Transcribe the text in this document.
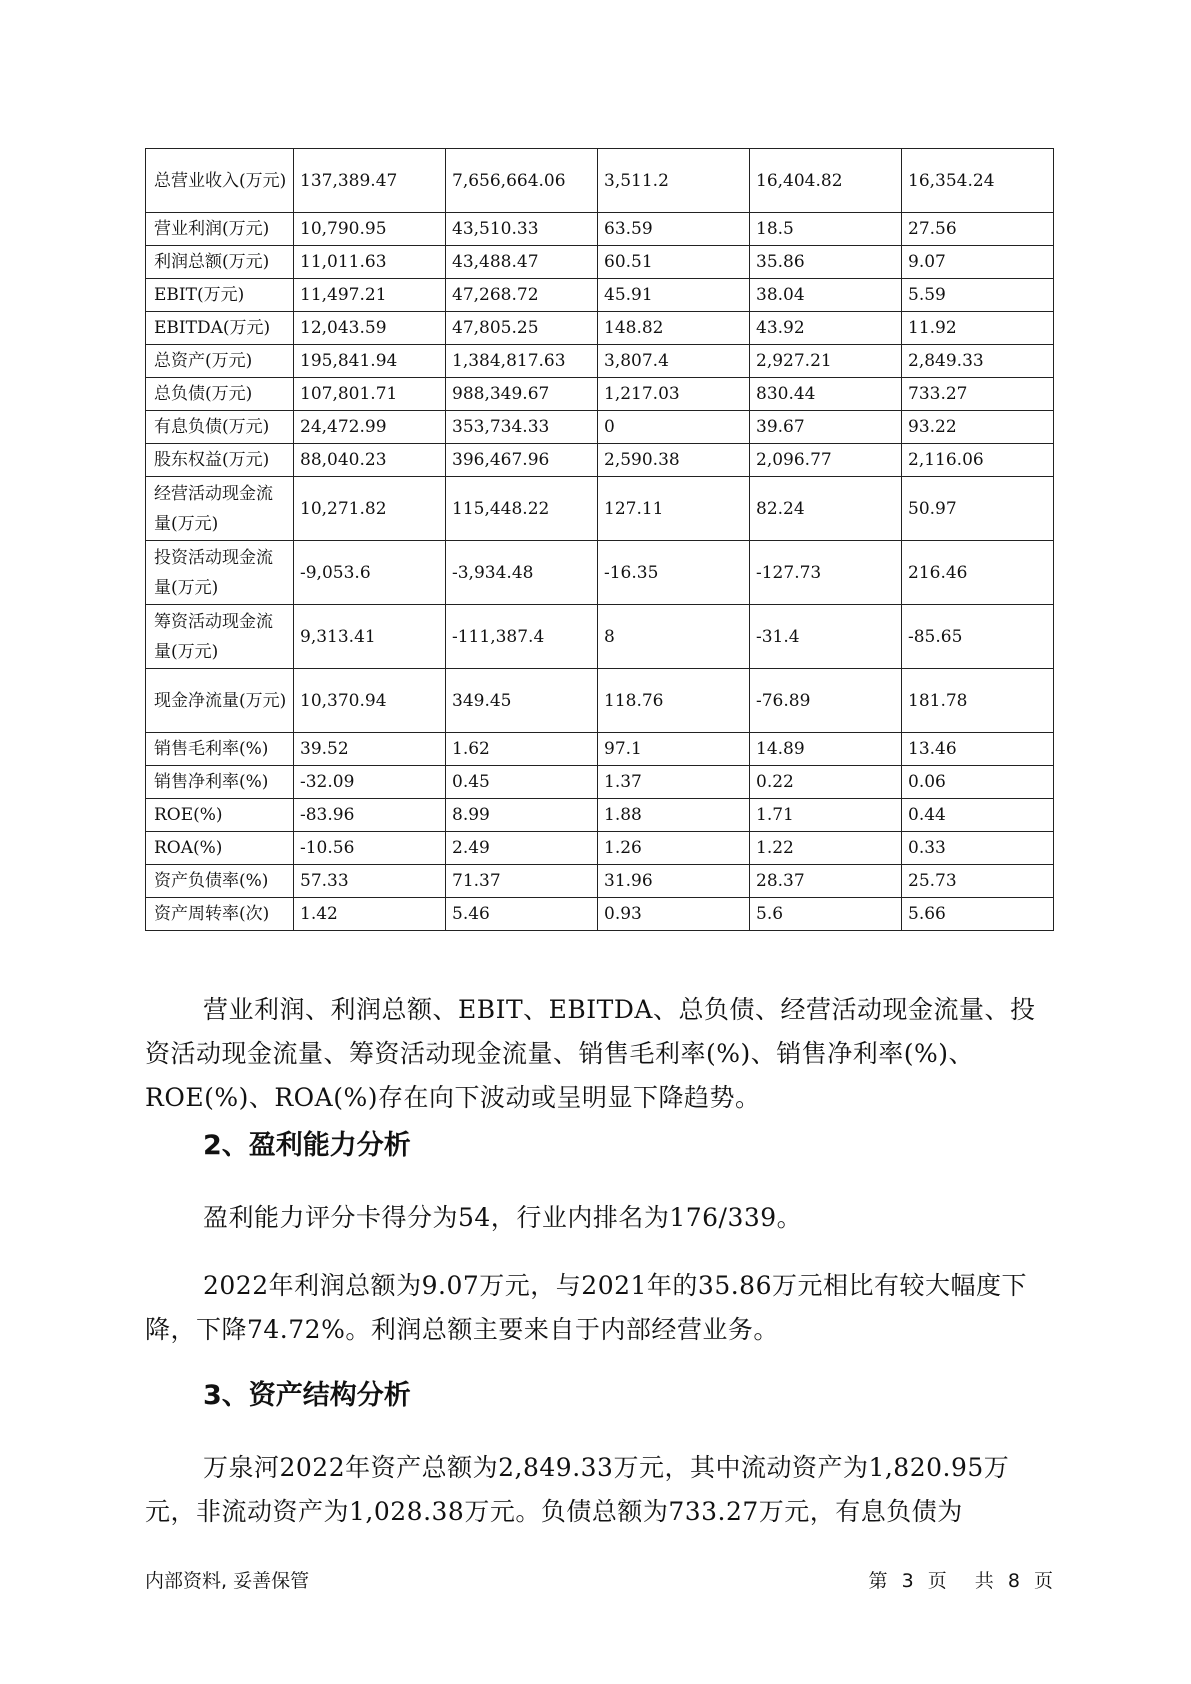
总营业收入(万元)	137,389.47	7,656,664.06	3,511.2	16,404.82	16,354.24
营业利润(万元)	10,790.95	43,510.33	63.59	18.5	27.56
利润总额(万元)	11,011.63	43,488.47	60.51	35.86	9.07
EBIT(万元)	11,497.21	47,268.72	45.91	38.04	5.59
EBITDA(万元)	12,043.59	47,805.25	148.82	43.92	11.92
总资产(万元)	195,841.94	1,384,817.63	3,807.4	2,927.21	2,849.33
总负债(万元)	107,801.71	988,349.67	1,217.03	830.44	733.27
有息负债(万元)	24,472.99	353,734.33	0	39.67	93.22
股东权益(万元)	88,040.23	396,467.96	2,590.38	2,096.77	2,116.06
经营活动现金流量(万元)	10,271.82	115,448.22	127.11	82.24	50.97
投资活动现金流量(万元)	-9,053.6	-3,934.48	-16.35	-127.73	216.46
筹资活动现金流量(万元)	9,313.41	-111,387.4	8	-31.4	-85.65
现金净流量(万元)	10,370.94	349.45	118.76	-76.89	181.78
销售毛利率(%)	39.52	1.62	97.1	14.89	13.46
销售净利率(%)	-32.09	0.45	1.37	0.22	0.06
ROE(%)	-83.96	8.99	1.88	1.71	0.44
ROA(%)	-10.56	2.49	1.26	1.22	0.33
资产负债率(%)	57.33	71.37	31.96	28.37	25.73
资产周转率(次)	1.42	5.46	0.93	5.6	5.66

营业利润、利润总额、EBIT、EBITDA、总负债、经营活动现金流量、投资活动现金流量、筹资活动现金流量、销售毛利率(%)、销售净利率(%)、ROE(%)、ROA(%)存在向下波动或呈明显下降趋势。

2、盈利能力分析

盈利能力评分卡得分为54，行业内排名为176/339。

2022年利润总额为9.07万元，与2021年的35.86万元相比有较大幅度下降，下降74.72%。利润总额主要来自于内部经营业务。

3、资产结构分析

万泉河2022年资产总额为2,849.33万元，其中流动资产为1,820.95万元，非流动资产为1,028.38万元。负债总额为733.27万元，有息负债为

内部资料, 妥善保管	第 3 页 共 8 页
